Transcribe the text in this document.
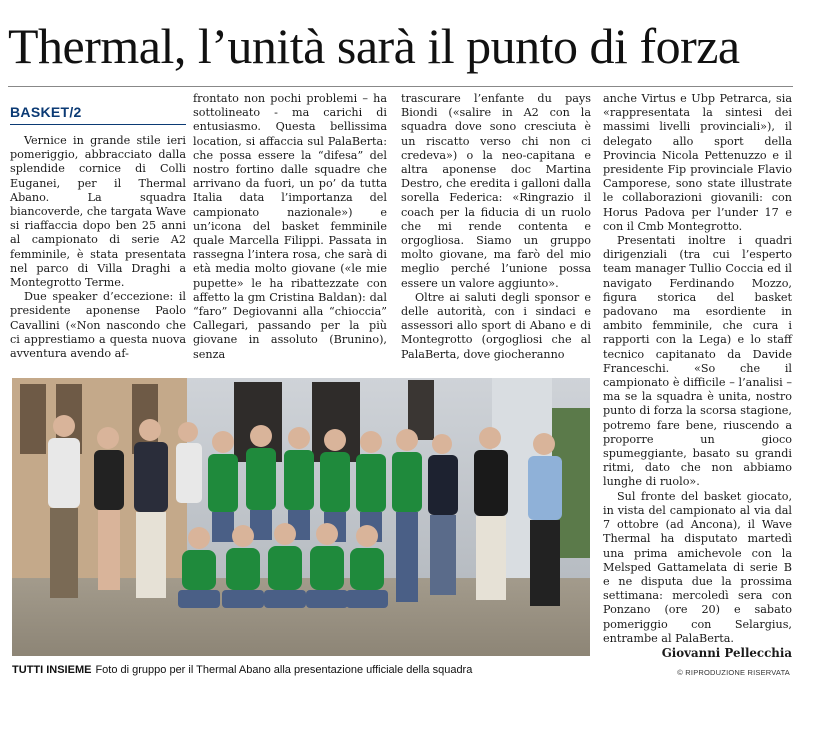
Thermal, l’unità sarà il punto di forza
BASKET/2

Vernice in grande stile ieri pomeriggio, abbracciato dalla splendide cornice di Colli Euganei, per il Thermal Abano. La squadra biancoverde, che targata Wave si riaffaccia dopo ben 25 anni al campionato di serie A2 femminile, è stata presentata nel parco di Villa Draghi a Montegrotto Terme.

Due speaker d’eccezione: il presidente aponense Paolo Cavallini («Non nascondo che ci apprestiamo a questa nuova avventura avendo af-

frontato non pochi problemi – ha sottolineato - ma carichi di entusiasmo. Questa bellissima location, si affaccia sul PalaBerta: che possa essere la “difesa” del nostro fortino dalle squadre che arrivano da fuori, un po’ da tutta Italia data l’importanza del campionato nazionale») e un’icona del basket femminile quale Marcella Filippi. Passata in rassegna l’intera rosa, che sarà di età media molto giovane («le mie pupette» le ha ribattezzate con affetto la gm Cristina Baldan): dal “faro” Degiovanni alla “chioccia” Callegari, passando per la più giovane in assoluto (Brunino), senza

trascurare l’enfante du pays Biondi («salire in A2 con la squadra dove sono cresciuta è un riscatto verso chi non ci credeva») o la neo-capitana e altra aponense doc Martina Destro, che eredita i galloni dalla sorella Federica: «Ringrazio il coach per la fiducia di un ruolo che mi rende contenta e orgogliosa. Siamo un gruppo molto giovane, ma farò del mio meglio perché l’unione possa essere un valore aggiunto».

Oltre ai saluti degli sponsor e delle autorità, con i sindaci e assessori allo sport di Abano e di Montegrotto (orgogliosi che al PalaBerta, dove giocheranno

anche Virtus e Ubp Petrarca, sia «rappresentata la sintesi dei massimi livelli provinciali»), il delegato allo sport della Provincia Nicola Pettenuzzo e il presidente Fip provinciale Flavio Camporese, sono state illustrate le collaborazioni giovanili: con Horus Padova per l’under 17 e con il Cmb Montegrotto.

Presentati inoltre i quadri dirigenziali (tra cui l’esperto team manager Tullio Coccia ed il navigato Ferdinando Mozzo, figura storica del basket padovano ma esordiente in ambito femminile, che cura i rapporti con la Lega) e lo staff tecnico capitanato da Davide Franceschi. «So che il campionato è difficile – l’analisi – ma se la squadra è unita, nostro punto di forza la scorsa stagione, potremo fare bene, riuscendo a proporre un gioco spumeggiante, basato su grandi ritmi, dato che non abbiamo lunghe di ruolo».

Sul fronte del basket giocato, in vista del campionato al via dal 7 ottobre (ad Ancona), il Wave Thermal ha disputato martedì una prima amichevole con la Melsped Gattamelata di serie B e ne disputa due la prossima settimana: mercoledì sera con Ponzano (ore 20) e sabato pomeriggio con Selargius, entrambe al PalaBerta.

Giovanni Pellecchia

TUTTI INSIEME Foto di gruppo per il Thermal Abano alla presentazione ufficiale della squadra	© RIPRODUZIONE RISERVATA
